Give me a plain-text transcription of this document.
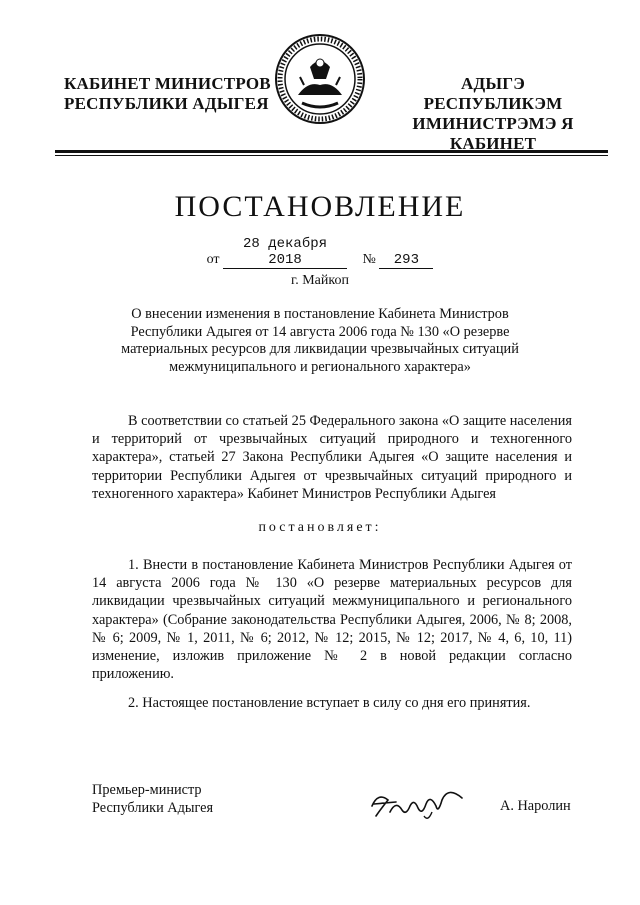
КАБИНЕТ МИНИСТРОВ
РЕСПУБЛИКИ АДЫГЕЯ
АДЫГЭ РЕСПУБЛИКЭМ
ИМИНИСТРЭМЭ Я КАБИНЕТ
ПОСТАНОВЛЕНИЕ
от 28 декабря 2018	№ 293
г. Майкоп
О внесении изменения в постановление Кабинета Министров Республики Адыгея от 14 августа 2006 года № 130 «О резерве материальных ресурсов для ликвидации чрезвычайных ситуаций межмуниципального и регионального характера»

В соответствии со статьей 25 Федерального закона «О защите населения и территорий от чрезвычайных ситуаций природного и техногенного характера», статьей 27 Закона Республики Адыгея «О защите населения и территории Республики Адыгея от чрезвычайных ситуаций природного и техногенного характера» Кабинет Министров Республики Адыгея

постановляет:

1. Внести в постановление Кабинета Министров Республики Адыгея от 14 августа 2006 года № 130 «О резерве материальных ресурсов для ликвидации чрезвычайных ситуаций межмуниципального и регионального характера» (Собрание законодательства Республики Адыгея, 2006, № 8; 2008, № 6; 2009, № 1, 2011, № 6; 2012, № 12; 2015, № 12; 2017, № 4, 6, 10, 11) изменение, изложив приложение № 2 в новой редакции согласно приложению.

2. Настоящее постановление вступает в силу со дня его принятия.

Премьер-министр
Республики Адыгея	А. Наролин
